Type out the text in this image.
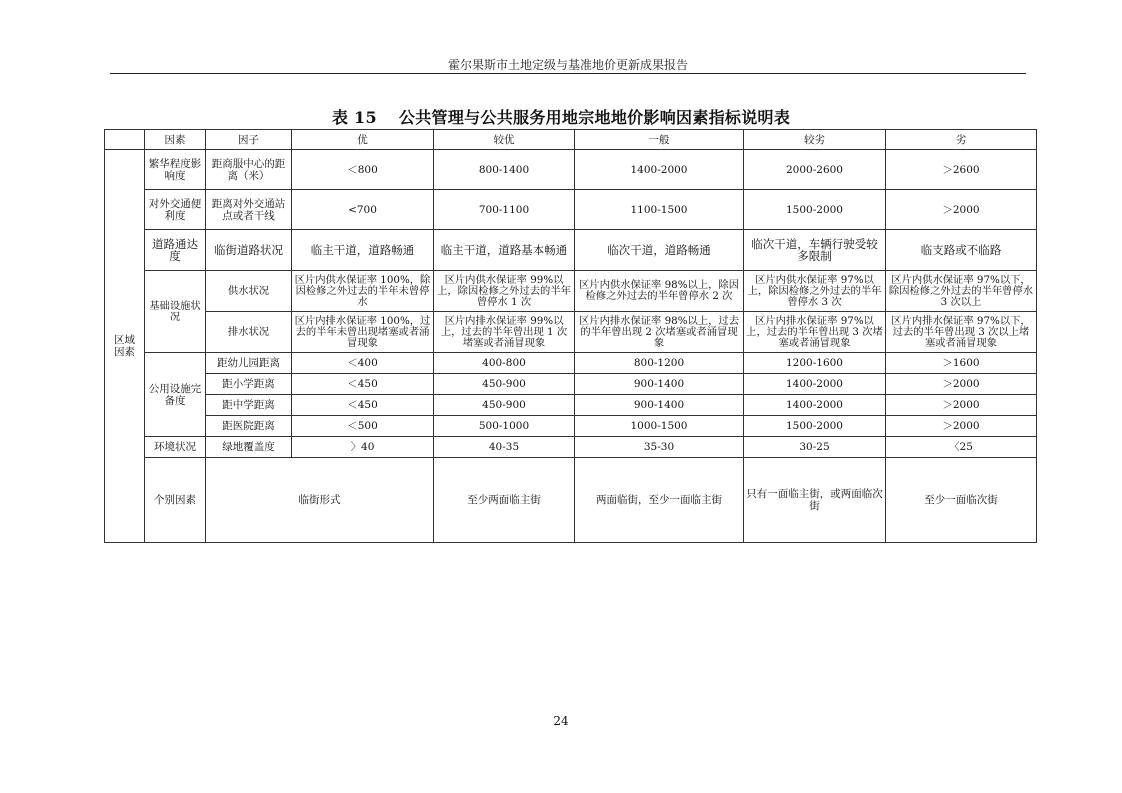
霍尔果斯市土地定级与基准地价更新成果报告
表 15 公共管理与公共服务用地宗地地价影响因素指标说明表
	因素	因子	优	较优	一般	较劣	劣	
区域因素	繁华程度影响度	距商服中心的距离（米）	＜800	800-1400	1400-2000	2000-2600	＞2600	
	对外交通便利度	距离对外交通站点或者干线	<700	700-1100	1100-1500	1500-2000	＞2000	
	道路通达度	临街道路状况	临主干道，道路畅通	临主干道，道路基本畅通	临次干道，道路畅通	临次干道，车辆行驶受较多限制	临支路或不临路	
	基础设施状况	供水状况	区片内供水保证率 100%，除因检修之外过去的半年未曾停水	区片内供水保证率 99%以上，除因检修之外过去的半年曾停水 1 次	区片内供水保证率 98%以上，除因检修之外过去的半年曾停水 2 次	区片内供水保证率 97%以上，除因检修之外过去的半年曾停水 3 次	区片内供水保证率 97%以下，除因检修之外过去的半年曾停水 3 次以上	
		排水状况	区片内排水保证率 100%，过去的半年未曾出现堵塞或者涌冒现象	区片内排水保证率 99%以上，过去的半年曾出现 1 次堵塞或者涌冒现象	区片内排水保证率 98%以上，过去的半年曾出现 2 次堵塞或者涌冒现象	区片内排水保证率 97%以上，过去的半年曾出现 3 次堵塞或者涌冒现象	区片内排水保证率 97%以下，过去的半年曾出现 3 次以上堵塞或者涌冒现象	
	公用设施完备度	距幼儿园距离	＜400	400-800	800-1200	1200-1600	＞1600	
		距小学距离	＜450	450-900	900-1400	1400-2000	＞2000	
		距中学距离	＜450	450-900	900-1400	1400-2000	＞2000	
		距医院距离	＜500	500-1000	1000-1500	1500-2000	＞2000	
	环境状况	绿地覆盖度	〉40	40-35	35-30	30-25	〈25	
	个别因素	临街形式		至少两面临主街	两面临街，至少一面临主街	只有一面临主街，或两面临次街	至少一面临次街	
24
